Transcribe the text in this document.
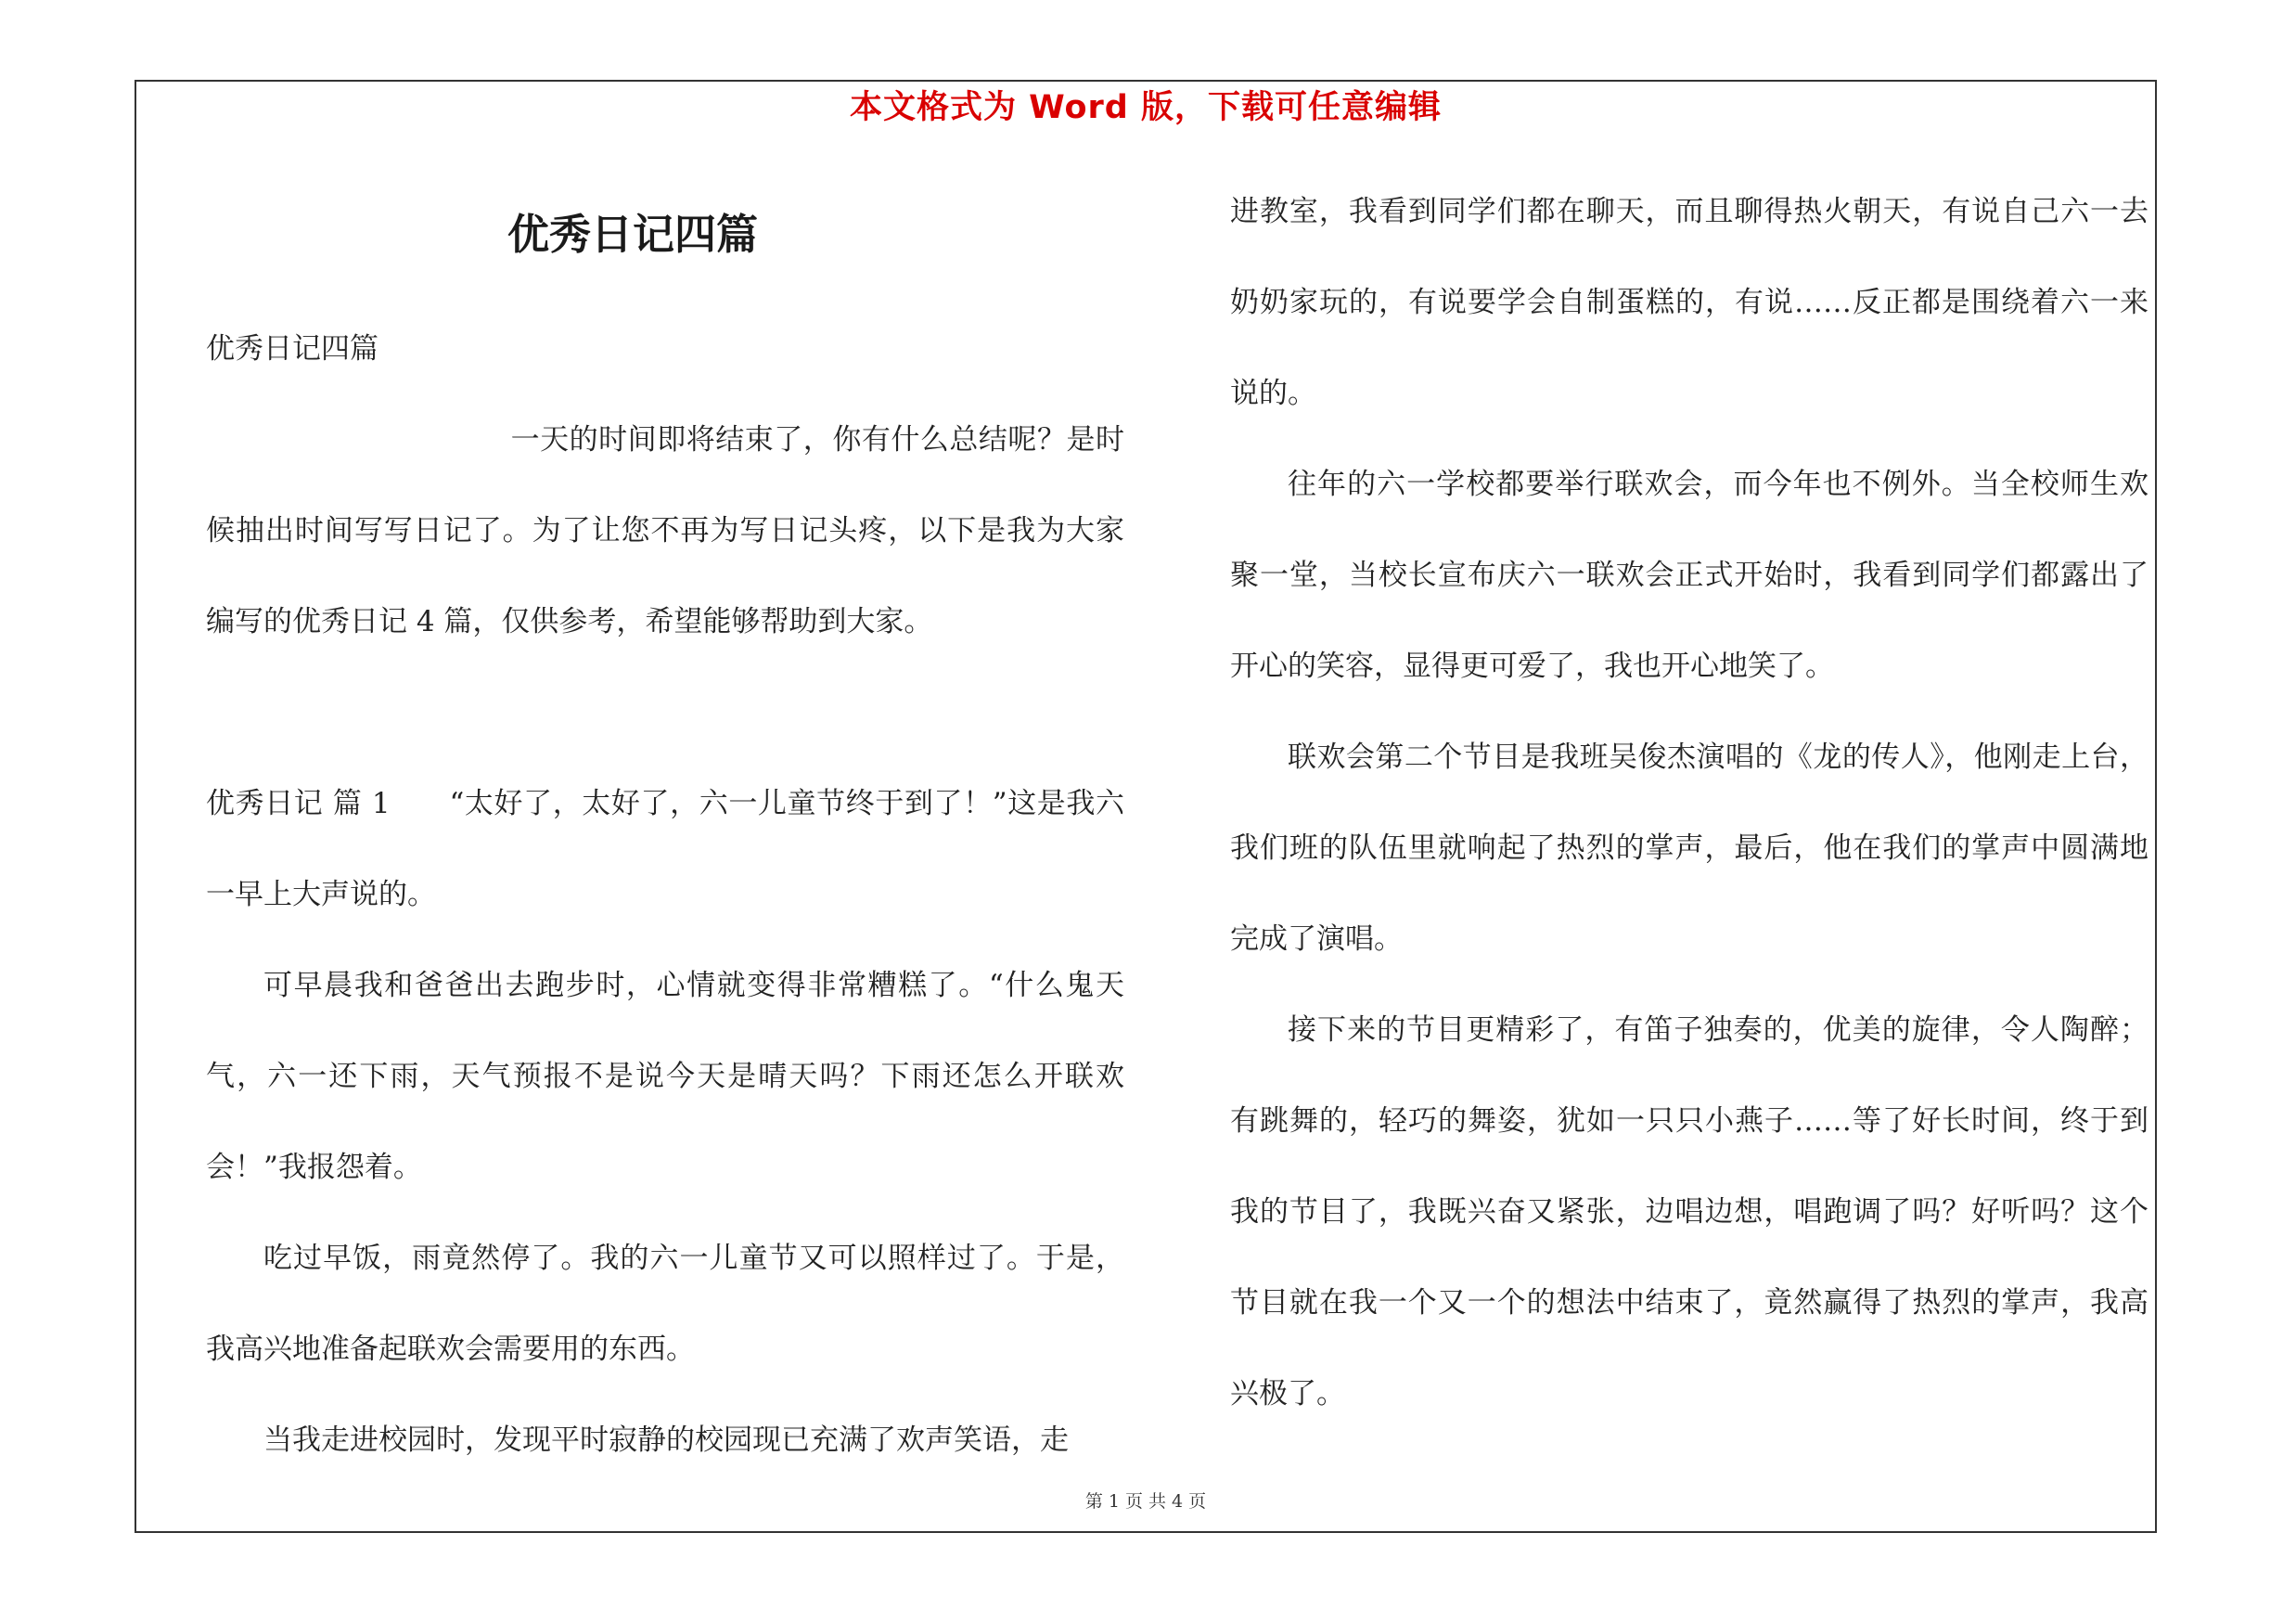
本文格式为 Word 版，下载可任意编辑
优秀日记四篇

优秀日记四篇

一天的时间即将结束了，你有什么总结呢？是时候抽出时间写写日记了。为了让您不再为写日记头疼，以下是我为大家编写的优秀日记 4 篇，仅供参考，希望能够帮助到大家。

优秀日记 篇 1　　“太好了，太好了，六一儿童节终于到了！”这是我六一早上大声说的。

可早晨我和爸爸出去跑步时，心情就变得非常糟糕了。“什么鬼天气，六一还下雨，天气预报不是说今天是晴天吗？下雨还怎么开联欢会！”我报怨着。

吃过早饭，雨竟然停了。我的六一儿童节又可以照样过了。于是，我高兴地准备起联欢会需要用的东西。

当我走进校园时，发现平时寂静的校园现已充满了欢声笑语，走

进教室，我看到同学们都在聊天，而且聊得热火朝天，有说自己六一去奶奶家玩的，有说要学会自制蛋糕的，有说……反正都是围绕着六一来说的。

往年的六一学校都要举行联欢会，而今年也不例外。当全校师生欢聚一堂，当校长宣布庆六一联欢会正式开始时，我看到同学们都露出了开心的笑容，显得更可爱了，我也开心地笑了。

联欢会第二个节目是我班吴俊杰演唱的《龙的传人》，他刚走上台，我们班的队伍里就响起了热烈的掌声，最后，他在我们的掌声中圆满地完成了演唱。

接下来的节目更精彩了，有笛子独奏的，优美的旋律，令人陶醉；有跳舞的，轻巧的舞姿，犹如一只只小燕子……等了好长时间，终于到我的节目了，我既兴奋又紧张，边唱边想，唱跑调了吗？好听吗？这个节目就在我一个又一个的想法中结束了，竟然赢得了热烈的掌声，我高兴极了。

第 1 页 共 4 页
